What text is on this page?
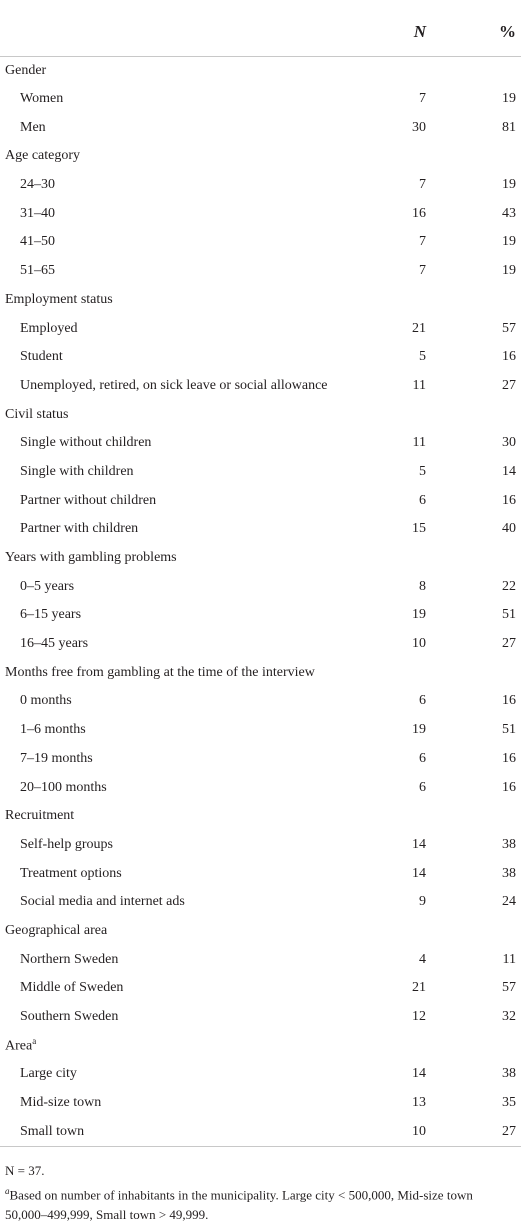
	N	%
Gender		
Women	7	19
Men	30	81
Age category		
24–30	7	19
31–40	16	43
41–50	7	19
51–65	7	19
Employment status		
Employed	21	57
Student	5	16
Unemployed, retired, on sick leave or social allowance	11	27
Civil status		
Single without children	11	30
Single with children	5	14
Partner without children	6	16
Partner with children	15	40
Years with gambling problems		
0–5 years	8	22
6–15 years	19	51
16–45 years	10	27
Months free from gambling at the time of the interview		
0 months	6	16
1–6 months	19	51
7–19 months	6	16
20–100 months	6	16
Recruitment		
Self-help groups	14	38
Treatment options	14	38
Social media and internet ads	9	24
Geographical area		
Northern Sweden	4	11
Middle of Sweden	21	57
Southern Sweden	12	32
Area$^a$		
Large city	14	38
Mid-size town	13	35
Small town	10	27
N = 37.
$^a$Based on number of inhabitants in the municipality. Large city < 500,000, Mid-size town 50,000–499,999, Small town > 49,999.
